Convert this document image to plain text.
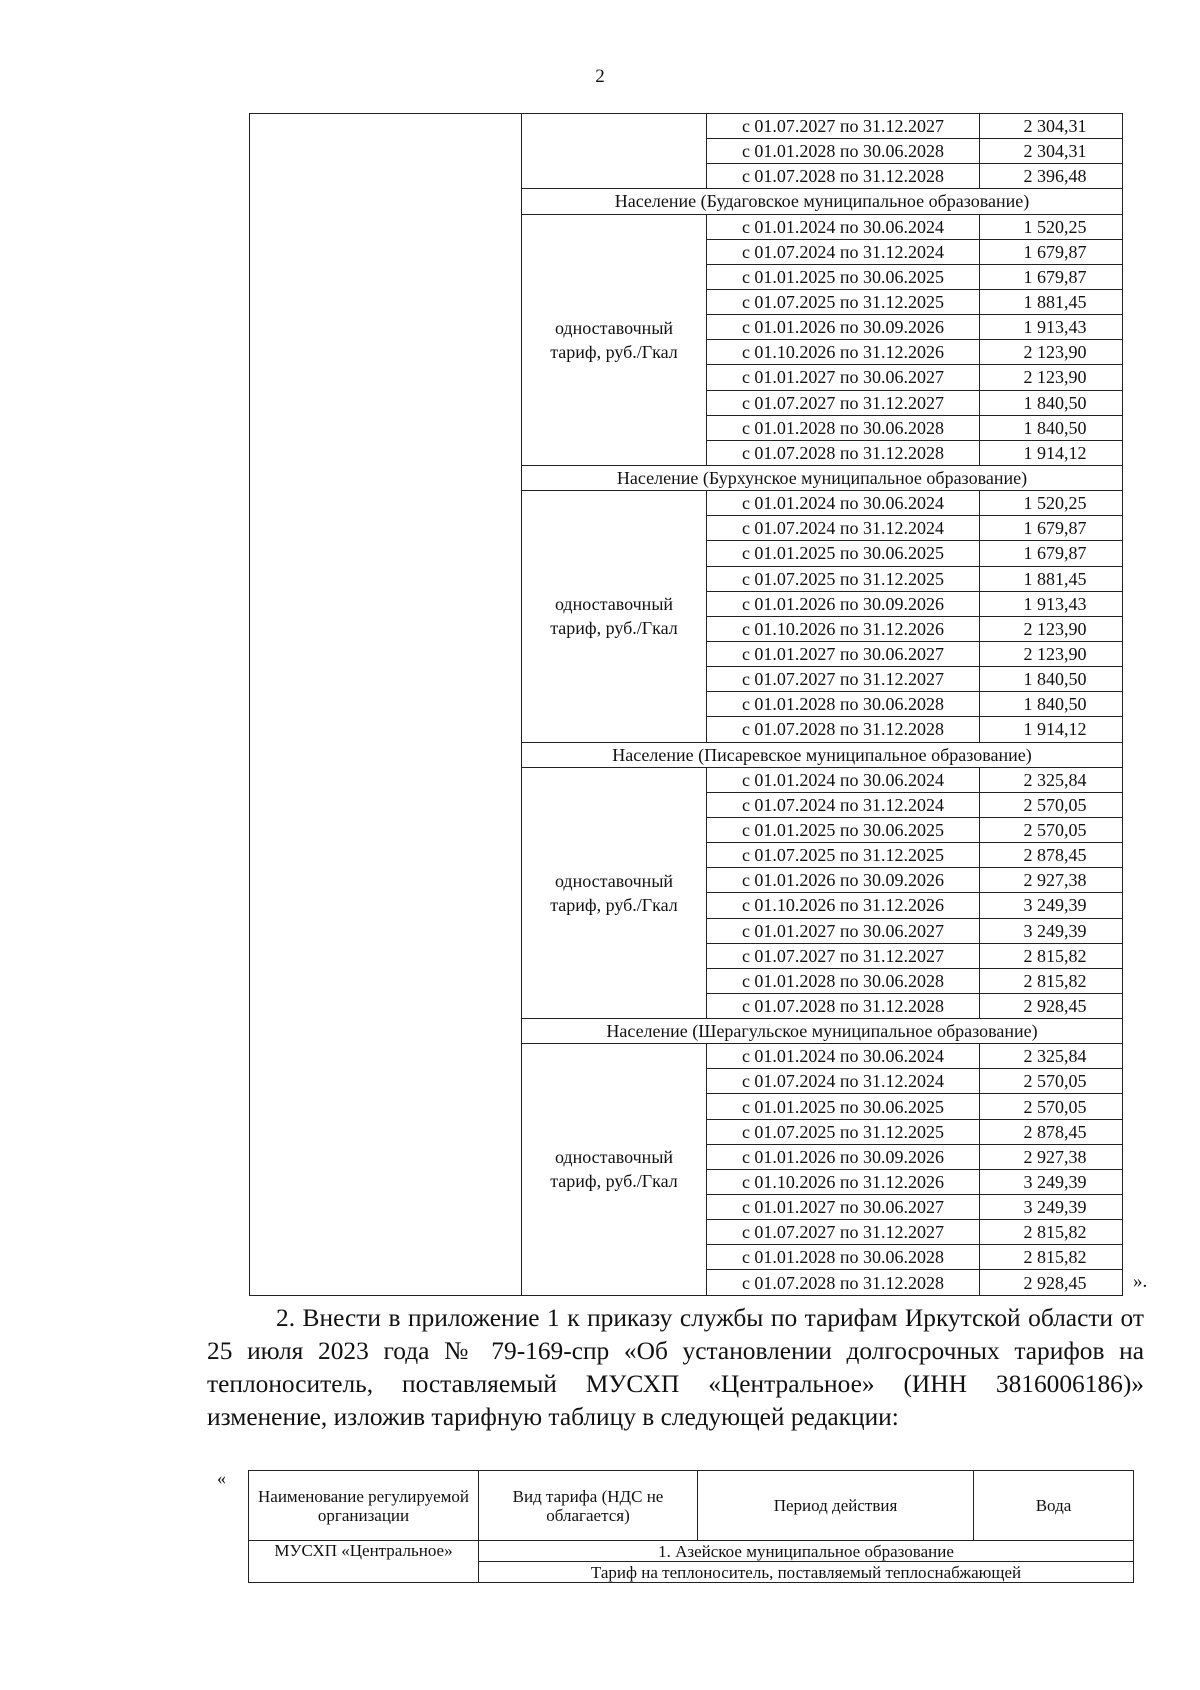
2
		с 01.07.2027 по 31.12.2027	2 304,31
		с 01.01.2028 по 30.06.2028	2 304,31
		с 01.07.2028 по 31.12.2028	2 396,48
	Население (Будаговское муниципальное образование)		
	одноставочный тариф, руб./Гкал	с 01.01.2024 по 30.06.2024	1 520,25
		с 01.07.2024 по 31.12.2024	1 679,87
		с 01.01.2025 по 30.06.2025	1 679,87
		с 01.07.2025 по 31.12.2025	1 881,45
		с 01.01.2026 по 30.09.2026	1 913,43
		с 01.10.2026 по 31.12.2026	2 123,90
		с 01.01.2027 по 30.06.2027	2 123,90
		с 01.07.2027 по 31.12.2027	1 840,50
		с 01.01.2028 по 30.06.2028	1 840,50
		с 01.07.2028 по 31.12.2028	1 914,12
	Население (Бурхунское муниципальное образование)		
	одноставочный тариф, руб./Гкал	с 01.01.2024 по 30.06.2024	1 520,25
		с 01.07.2024 по 31.12.2024	1 679,87
		с 01.01.2025 по 30.06.2025	1 679,87
		с 01.07.2025 по 31.12.2025	1 881,45
		с 01.01.2026 по 30.09.2026	1 913,43
		с 01.10.2026 по 31.12.2026	2 123,90
		с 01.01.2027 по 30.06.2027	2 123,90
		с 01.07.2027 по 31.12.2027	1 840,50
		с 01.01.2028 по 30.06.2028	1 840,50
		с 01.07.2028 по 31.12.2028	1 914,12
	Население (Писаревское муниципальное образование)		
	одноставочный тариф, руб./Гкал	с 01.01.2024 по 30.06.2024	2 325,84
		с 01.07.2024 по 31.12.2024	2 570,05
		с 01.01.2025 по 30.06.2025	2 570,05
		с 01.07.2025 по 31.12.2025	2 878,45
		с 01.01.2026 по 30.09.2026	2 927,38
		с 01.10.2026 по 31.12.2026	3 249,39
		с 01.01.2027 по 30.06.2027	3 249,39
		с 01.07.2027 по 31.12.2027	2 815,82
		с 01.01.2028 по 30.06.2028	2 815,82
		с 01.07.2028 по 31.12.2028	2 928,45
	Население (Шерагульское муниципальное образование)		
	одноставочный тариф, руб./Гкал	с 01.01.2024 по 30.06.2024	2 325,84
		с 01.07.2024 по 31.12.2024	2 570,05
		с 01.01.2025 по 30.06.2025	2 570,05
		с 01.07.2025 по 31.12.2025	2 878,45
		с 01.01.2026 по 30.09.2026	2 927,38
		с 01.10.2026 по 31.12.2026	3 249,39
		с 01.01.2027 по 30.06.2027	3 249,39
		с 01.07.2027 по 31.12.2027	2 815,82
		с 01.01.2028 по 30.06.2028	2 815,82
		с 01.07.2028 по 31.12.2028	2 928,45 ».
2. Внести в приложение 1 к приказу службы по тарифам Иркутской области от 25 июля 2023 года № 79-169-спр «Об установлении долгосрочных тарифов на теплоноситель, поставляемый МУСХП «Центральное» (ИНН 3816006186)» изменение, изложив тарифную таблицу в следующей редакции:
«
Наименование регулируемой организации	Вид тарифа (НДС не облагается)	Период действия	Вода
МУСХП «Центральное»	1. Азейское муниципальное образование		
	Тариф на теплоноситель, поставляемый теплоснабжающей		
